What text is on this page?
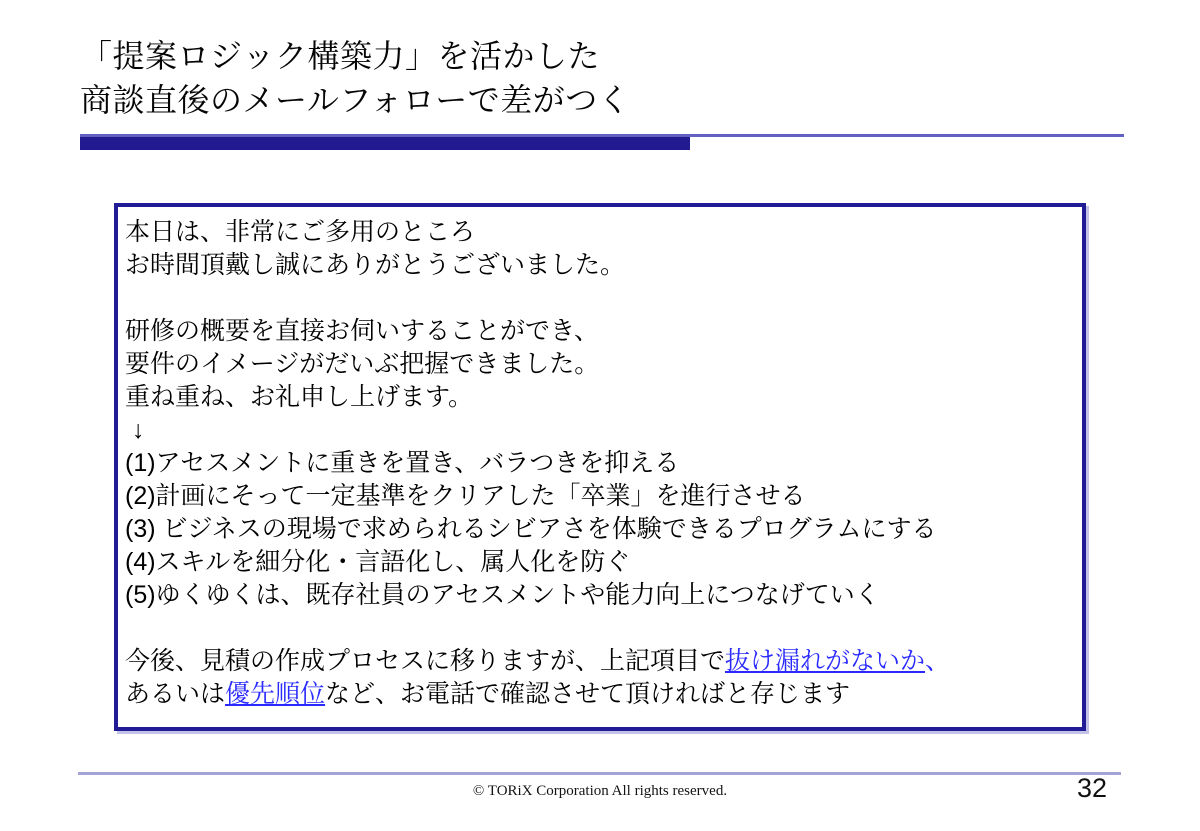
「提案ロジック構築力」を活かした
商談直後のメールフォローで差がつく
本日は、非常にご多用のところ
お時間頂戴し誠にありがとうございました。

研修の概要を直接お伺いすることができ、
要件のイメージがだいぶ把握できました。
重ね重ね、お礼申し上げます。
↓
(1)アセスメントに重きを置き、バラつきを抑える
(2)計画にそって一定基準をクリアした「卒業」を進行させる
(3) ビジネスの現場で求められるシビアさを体験できるプログラムにする
(4)スキルを細分化・言語化し、属人化を防ぐ
(5)ゆくゆくは、既存社員のアセスメントや能力向上につなげていく

今後、見積の作成プロセスに移りますが、上記項目で抜け漏れがないか、
あるいは優先順位など、お電話で確認させて頂ければと存じます
© TORiX Corporation All rights reserved.	32
